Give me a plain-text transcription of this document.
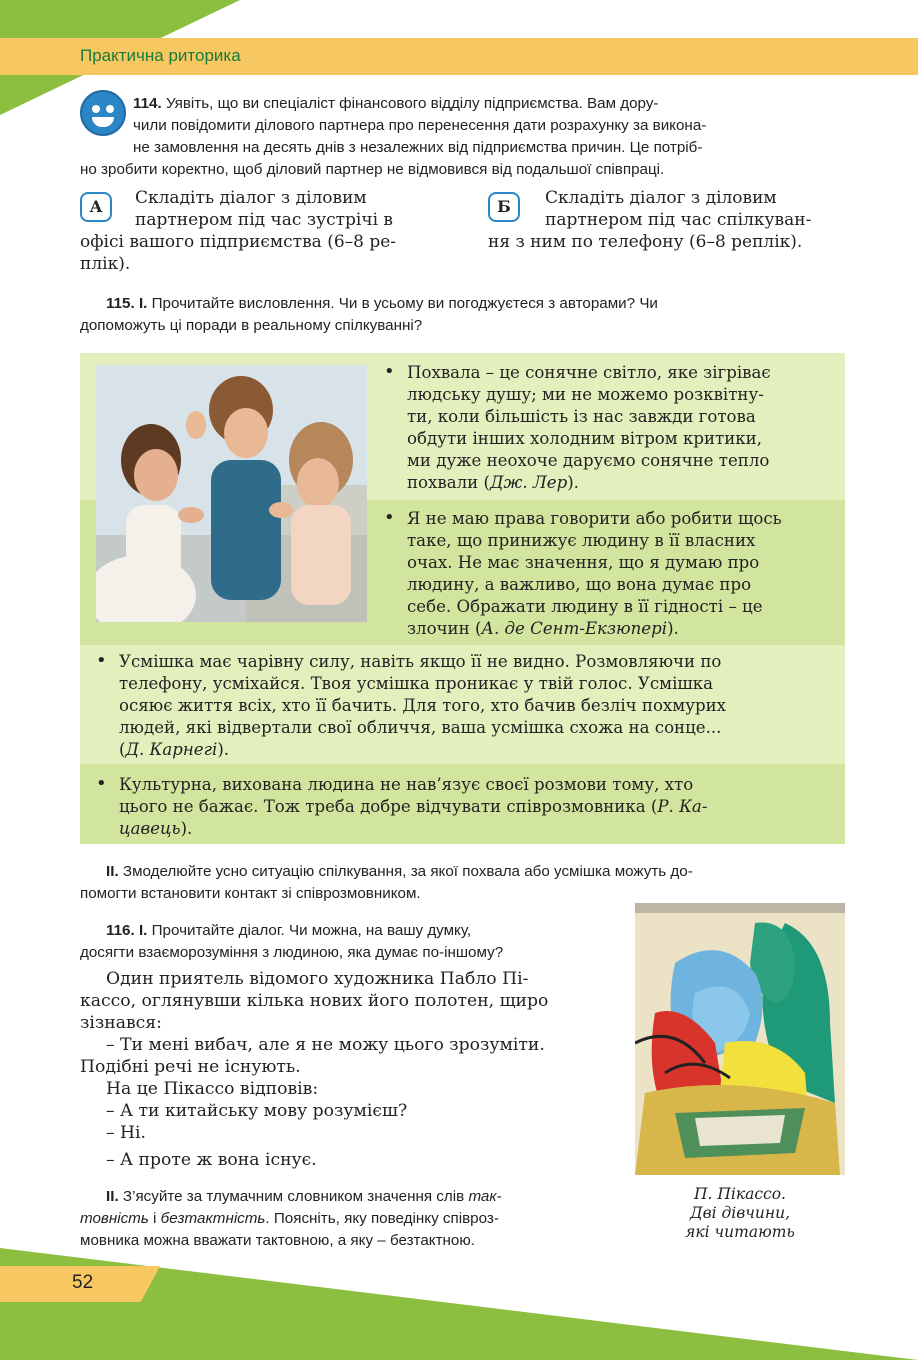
Практична риторика
114. Уявіть, що ви спеціаліст фінансового відділу підприємства. Вам дору-
чили повідомити ділового партнера про перенесення дати розрахунку за викона-
не замовлення на десять днів з незалежних від підприємства причин. Це потріб-
но зробити коректно, щоб діловий партнер не відмовився від подальшої співпраці.
А	Складіть діалог з діловим
партнером під час зустрічі в
офісі вашого підприємства (6–8 ре-
плік).
Б	Складіть діалог з діловим
партнером під час спілкуван-
ня з ним по телефону (6–8 реплік).
115. I. Прочитайте висловлення. Чи в усьому ви погоджуєтеся з авторами? Чи
допоможуть ці поради в реальному спілкуванні?
• Похвала – це сонячне світло, яке зігріває
людську душу; ми не можемо розквітну-
ти, коли більшість із нас завжди готова
обдути інших холодним вітром критики,
ми дуже неохоче даруємо сонячне тепло
похвали (Дж. Лер).
• Я не маю права говорити або робити щось
таке, що принижує людину в її власних
очах. Не має значення, що я думаю про
людину, а важливо, що вона думає про
себе. Ображати людину в її гідності – це
злочин (А. де Сент-Екзюпері).
• Усмішка має чарівну силу, навіть якщо її не видно. Розмовляючи по
телефону, усміхайся. Твоя усмішка проникає у твій голос. Усмішка
осяює життя всіх, хто її бачить. Для того, хто бачив безліч похмурих
людей, які відвертали свої обличчя, ваша усмішка схожа на сонце...
(Д. Карнегі).
• Культурна, вихована людина не нав’язує своєї розмови тому, хто
цього не бажає. Тож треба добре відчувати співрозмовника (Р. Ка-
цавець).
II. Змоделюйте усно ситуацію спілкування, за якої похвала або усмішка можуть до-
помогти встановити контакт зі співрозмовником.
116. I. Прочитайте діалог. Чи можна, на вашу думку,
досягти взаєморозуміння з людиною, яка думає по-іншому?
Один приятель відомого художника Пабло Пі-
кассо, оглянувши кілька нових його полотен, щиро
зізнався:
– Ти мені вибач, але я не можу цього зрозуміти.
Подібні речі не існують.
На це Пікассо відповів:
– А ти китайську мову розумієш?
– Ні.
– А проте ж вона існує.
II. З’ясуйте за тлумачним словником значення слів так-
товність і безтактність. Поясніть, яку поведінку співроз-
мовника можна вважати тактовною, а яку – безтактною.
П. Пікассо.
Дві дівчини,
які читають
52
